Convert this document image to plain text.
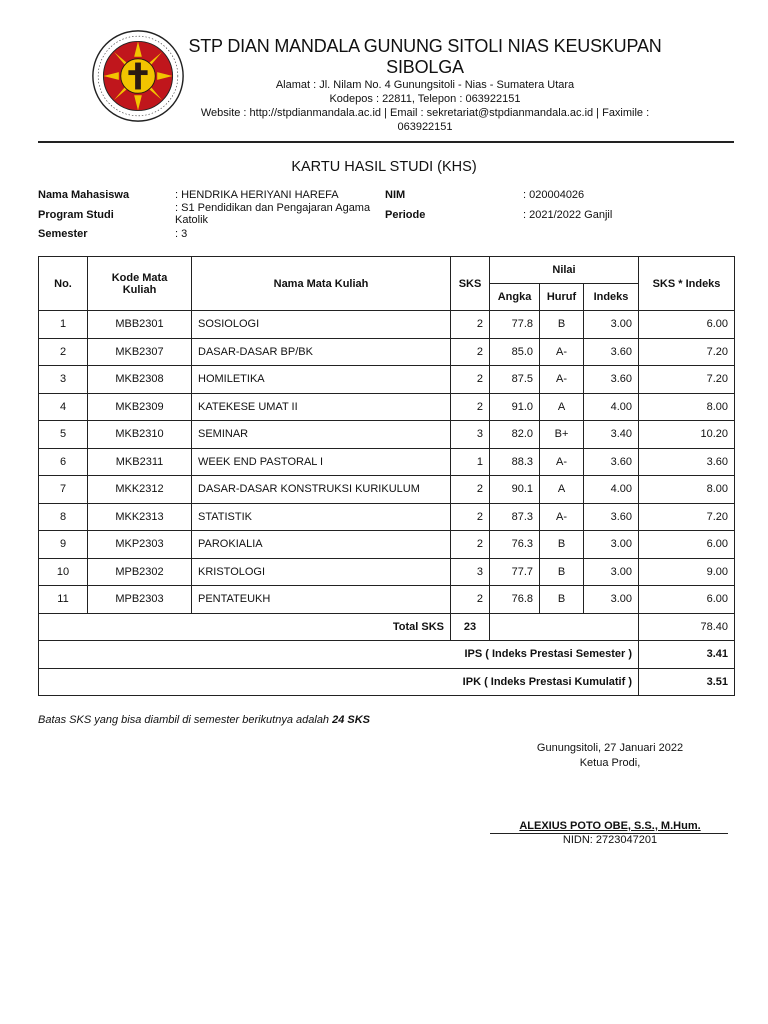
STP DIAN MANDALA GUNUNG SITOLI NIAS KEUSKUPAN SIBOLGA
Alamat : Jl. Nilam No. 4 Gunungsitoli - Nias - Sumatera Utara
Kodepos : 22811, Telepon : 063922151
Website : http://stpdianmandala.ac.id | Email : sekretariat@stpdianmandala.ac.id | Faximile : 063922151
KARTU HASIL STUDI (KHS)
Nama Mahasiswa	: HENDRIKA HERIYANI HAREFA
Program Studi
: S1 Pendidikan dan Pengajaran Agama Katolik
Semester	: 3
NIM	: 020004026
Periode	: 2021/2022 Ganjil
No.	Kode Mata Kuliah	Nama Mata Kuliah	SKS	Nilai			SKS * Indeks
				Angka	Huruf	Indeks	
1	MBB2301	SOSIOLOGI	2	77.8	B	3.00	6.00
2	MKB2307	DASAR-DASAR BP/BK	2	85.0	A-	3.60	7.20
3	MKB2308	HOMILETIKA	2	87.5	A-	3.60	7.20
4	MKB2309	KATEKESE UMAT II	2	91.0	A	4.00	8.00
5	MKB2310	SEMINAR	3	82.0	B+	3.40	10.20
6	MKB2311	WEEK END PASTORAL I	1	88.3	A-	3.60	3.60
7	MKK2312	DASAR-DASAR KONSTRUKSI KURIKULUM	2	90.1	A	4.00	8.00
8	MKK2313	STATISTIK	2	87.3	A-	3.60	7.20
9	MKP2303	PAROKIALIA	2	76.3	B	3.00	6.00
10	MPB2302	KRISTOLOGI	3	77.7	B	3.00	9.00
11	MPB2303	PENTATEUKH	2	76.8	B	3.00	6.00
Total SKS			23				78.40
IPS ( Indeks Prestasi Semester )							3.41
IPK ( Indeks Prestasi Kumulatif )							3.51
Batas SKS yang bisa diambil di semester berikutnya adalah 24 SKS
Gunungsitoli, 27 Januari 2022
Ketua Prodi,
ALEXIUS POTO OBE, S.S., M.Hum.
NIDN: 2723047201
